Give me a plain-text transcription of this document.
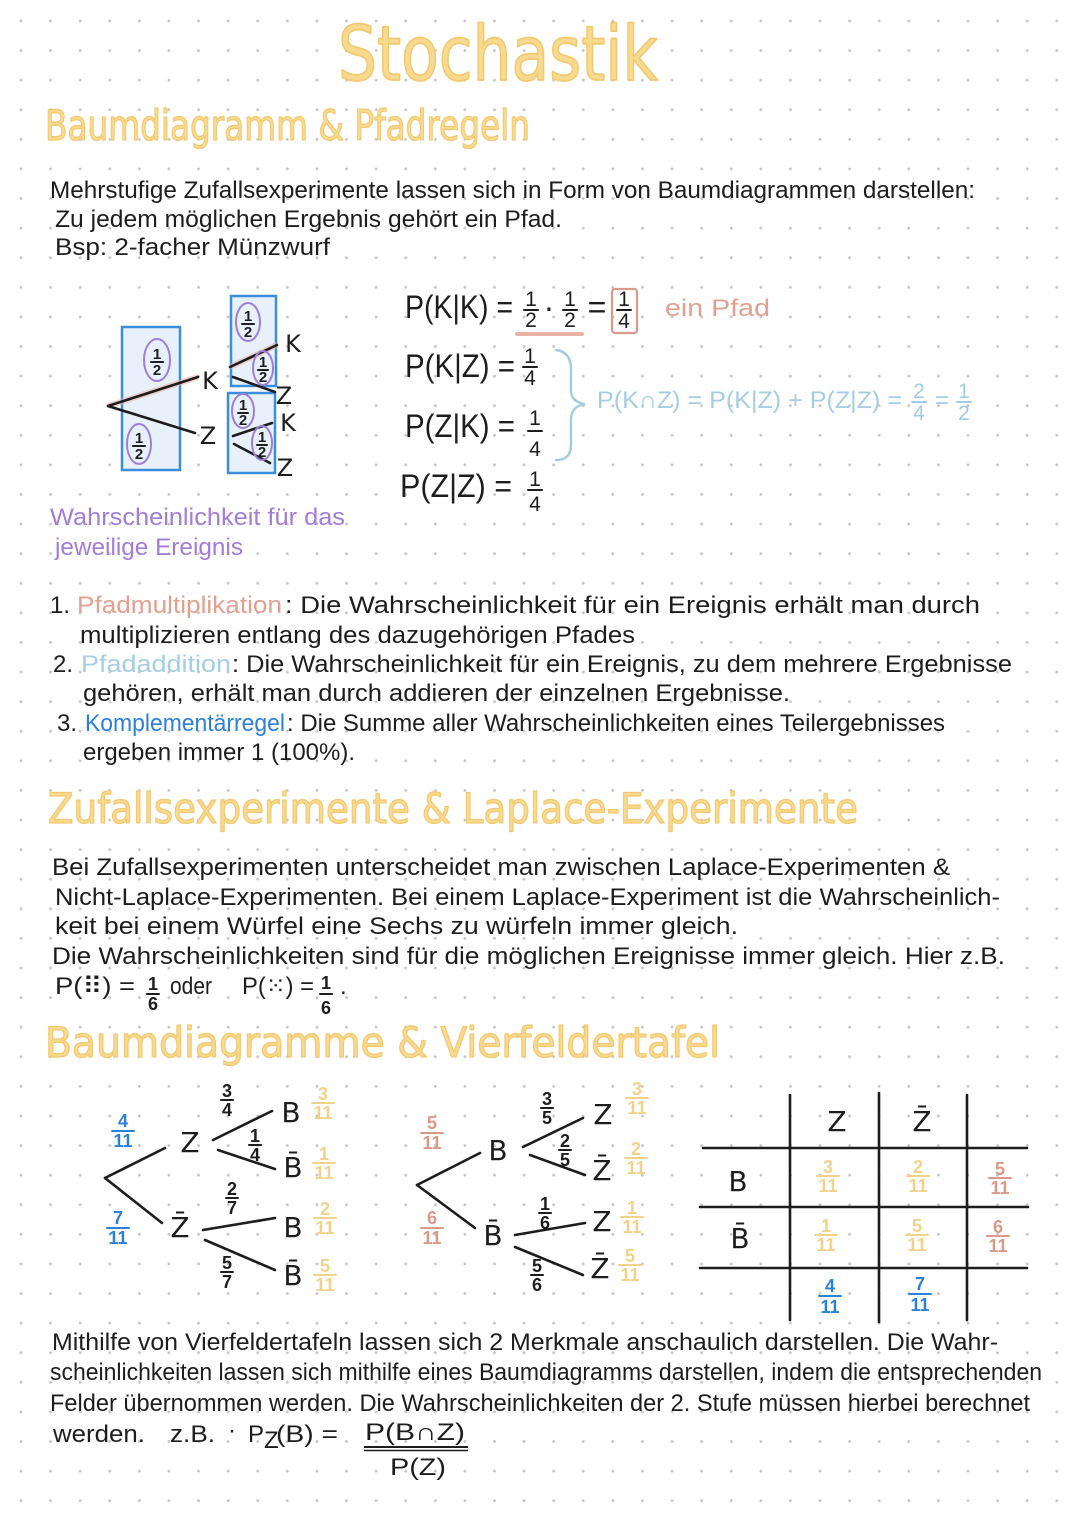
Stochastik
Baumdiagramm & Pfadregeln
Mehrstufige Zufallsexperimente lassen sich in Form von Baumdiagrammen darstellen:
Zu jedem möglichen Ergebnis gehört ein Pfad.
Bsp: 2-facher Münzwurf
K
Z
K
Z
K
Z
1
2
1
2
1
2
1
2
1
2
1
2
P(K|K) = 1
2 · 1
2 = 1
4 ein Pfad
P(K|Z) = 1
4
P(Z|K) = 1
4
P(Z|Z) = 1
4
P(K∩Z) = P(K|Z) + P(Z|Z) = 2
4 = 1
2
Wahrscheinlichkeit für das
jeweilige Ereignis
1. Pfadmultiplikation : Die Wahrscheinlichkeit für ein Ereignis erhält man durch
multiplizieren entlang des dazugehörigen Pfades
2. Pfadaddition : Die Wahrscheinlichkeit für ein Ereignis, zu dem mehrere Ergebnisse
gehören, erhält man durch addieren der einzelnen Ergebnisse.
3. Komplementärregel : Die Summe aller Wahrscheinlichkeiten eines Teilergebnisses
ergeben immer 1 (100%).
Zufallsexperimente & Laplace-Experimente
Bei Zufallsexperimenten unterscheidet man zwischen Laplace-Experimenten &
Nicht-Laplace-Experimenten. Bei einem Laplace-Experiment ist die Wahrscheinlich-
keit bei einem Würfel eine Sechs zu würfeln immer gleich.
Die Wahrscheinlichkeiten sind für die möglichen Ereignisse immer gleich. Hier z.B.
P(⠿) = 1
6
oder P(⁙) = 1
6
.
Baumdiagramme & Vierfeldertafel
Z
Z̄
B
B̄
B
B̄
4
11
7
11
3
4
1
4
2
7
5
7
3
11
1
11
2
11
5
11
B
B̄
Z
Z̄
Z
Z̄
5
11
6
11
3
5
2
5
1
6
5
6
3
11
2
11
1
11
5
11
Z Z̄
B
B̄
3
11
2
11
5
11
1
11
5
11
6
11
4
11
7
11
Mithilfe von Vierfeldertafeln lassen sich 2 Merkmale anschaulich darstellen. Die Wahr-
scheinlichkeiten lassen sich mithilfe eines Baumdiagramms darstellen, indem die entsprechenden
Felder übernommen werden. Die Wahrscheinlichkeiten der 2. Stufe müssen hierbei berechnet
werden. z.B. · P Z
(B) = P(B∩Z)
P(Z)
